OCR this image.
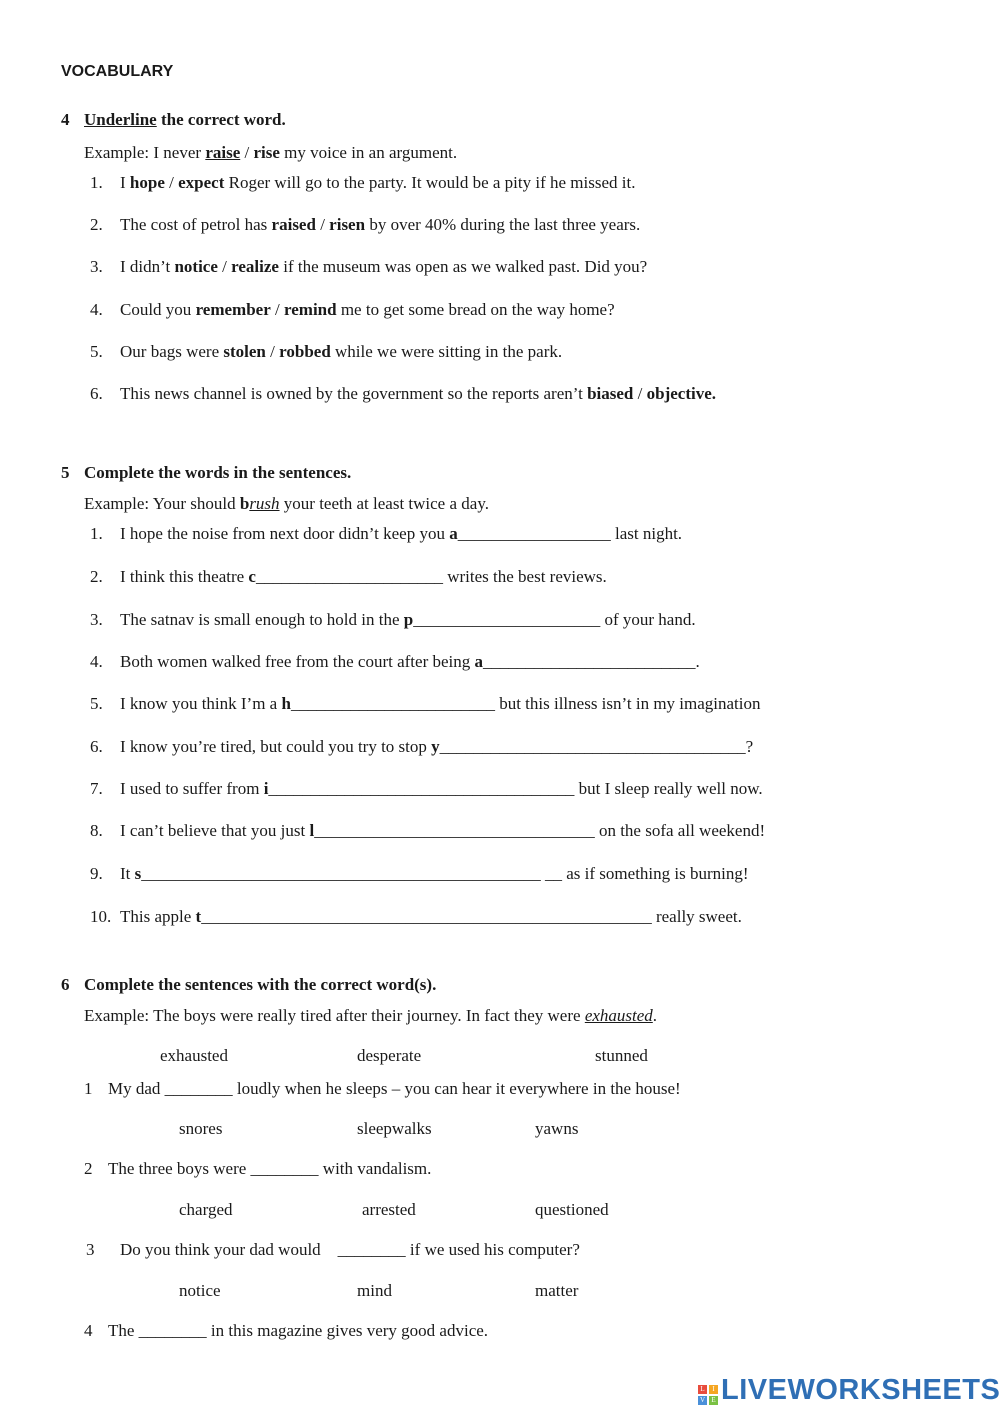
VOCABULARY
4 Underline the correct word.
Example: I never raise / rise my voice in an argument.
1. I hope / expect Roger will go to the party. It would be a pity if he missed it.
2. The cost of petrol has raised / risen by over 40% during the last three years.
3. I didn’t notice / realize if the museum was open as we walked past. Did you?
4. Could you remember / remind me to get some bread on the way home?
5. Our bags were stolen / robbed while we were sitting in the park.
6. This news channel is owned by the government so the reports aren’t biased / objective.
5 Complete the words in the sentences.
Example: Your should brush your teeth at least twice a day.
1. I hope the noise from next door didn’t keep you a__________________ last night.
2. I think this theatre c______________________ writes the best reviews.
3. The satnav is small enough to hold in the p______________________ of your hand.
4. Both women walked free from the court after being a_________________________.
5. I know you think I’m a h________________________ but this illness isn’t in my imagination
6. I know you’re tired, but could you try to stop y____________________________________?
7. I used to suffer from i____________________________________ but I sleep really well now.
8. I can’t believe that you just l_________________________________ on the sofa all weekend!
9. It s_______________________________________________ __ as if something is burning!
10. This apple t_____________________________________________________ really sweet.
6 Complete the sentences with the correct word(s).
Example: The boys were really tired after their journey. In fact they were exhausted.
exhausted	desperate	stunned
1 My dad ________ loudly when he sleeps – you can hear it everywhere in the house!
snores	sleepwalks	yawns
2 The three boys were ________ with vandalism.
charged	arrested	questioned
3 Do you think your dad would    ________ if we used his computer?
notice	mind	matter
4 The ________ in this magazine gives very good advice.
L	I
V E LIVEWORKSHEETS
